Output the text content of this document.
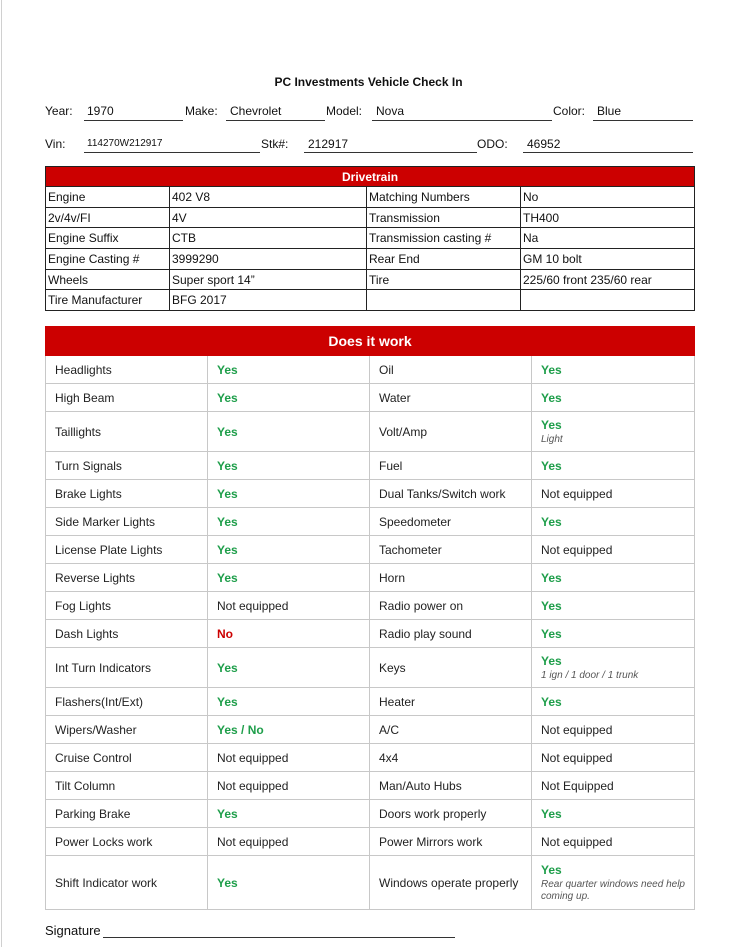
PC Investments Vehicle Check In
Year: 1970	Make: Chevrolet	Model: Nova	Color: Blue
Vin: 114270W212917	Stk#: 212917	ODO: 46952
Drivetrain			
Engine	402 V8	Matching Numbers	No
2v/4v/FI	4V	Transmission	TH400
Engine Suffix	CTB	Transmission casting #	Na
Engine Casting #	3999290	Rear End	GM 10 bolt
Wheels	Super sport 14”	Tire	225/60 front 235/60 rear
Tire Manufacturer	BFG 2017		
Does it work			
Headlights	Yes	Oil	Yes
High Beam	Yes	Water	Yes
Taillights	Yes	Volt/Amp	Yes
Light

Turn Signals	Yes	Fuel	Yes
Brake Lights	Yes	Dual Tanks/Switch work	Not equipped
Side Marker Lights	Yes	Speedometer	Yes
License Plate Lights	Yes	Tachometer	Not equipped
Reverse Lights	Yes	Horn	Yes
Fog Lights	Not equipped	Radio power on	Yes
Dash Lights	No	Radio play sound	Yes
Int Turn Indicators	Yes	Keys	Yes
1 ign / 1 door / 1 trunk

Flashers(Int/Ext)	Yes	Heater	Yes
Wipers/Washer	Yes / No	A/C	Not equipped
Cruise Control	Not equipped	4x4	Not equipped
Tilt Column	Not equipped	Man/Auto Hubs	Not Equipped
Parking Brake	Yes	Doors work properly	Yes
Power Locks work	Not equipped	Power Mirrors work	Not equipped
Shift Indicator work	Yes	Windows operate properly	Yes
Rear quarter windows need help coming up.
Signature
